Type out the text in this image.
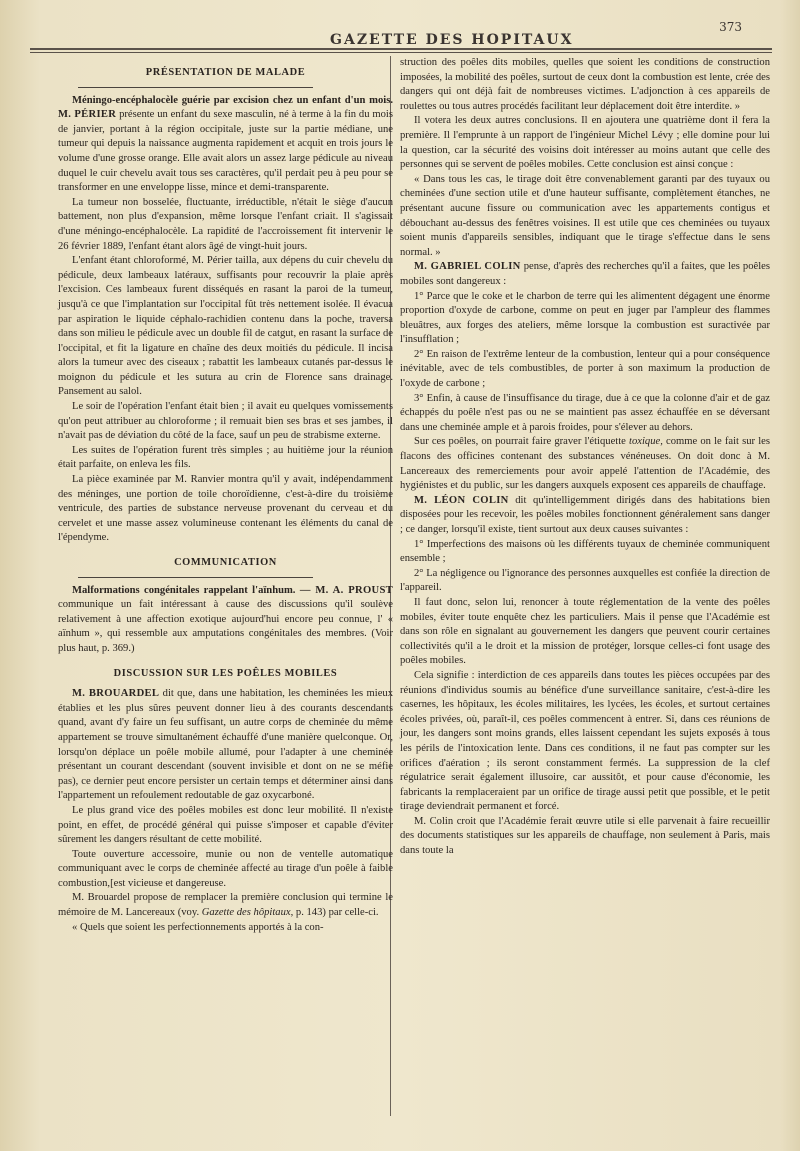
GAZETTE DES HOPITAUX
373
PRÉSENTATION DE MALADE

Méningo-encéphalocèle guérie par excision chez un enfant d'un mois. M. PÉRIER présente un enfant du sexe masculin, né à terme à la fin du mois de janvier, portant à la région occipitale, juste sur la partie médiane, une tumeur qui depuis la naissance augmenta rapidement et acquit en trois jours le volume d'une grosse orange. Elle avait alors un assez large pédicule au niveau duquel le cuir chevelu avait tous ses caractères, qu'il perdait peu à peu pour se transformer en une enveloppe lisse, mince et demi-transparente.

La tumeur non bosselée, fluctuante, irréductible, n'était le siège d'aucun battement, non plus d'expansion, même lorsque l'enfant criait. Il s'agissait d'une méningo-encéphalocèle. La rapidité de l'accroissement fit intervenir le 26 février 1889, l'enfant étant alors âgé de vingt-huit jours.

L'enfant étant chloroformé, M. Périer tailla, aux dépens du cuir chevelu du pédicule, deux lambeaux latéraux, suffisants pour recouvrir la plaie après l'excision. Ces lambeaux furent disséqués en rasant la paroi de la tumeur, jusqu'à ce que l'implantation sur l'occipital fût très nettement isolée. Il évacua par aspiration le liquide céphalo-rachidien contenu dans la poche, traversa dans son milieu le pédicule avec un double fil de catgut, en rasant la surface de l'occipital, et fit la ligature en chaîne des deux moitiés du pédicule. Il incisa alors la tumeur avec des ciseaux ; rabattit les lambeaux cutanés par-dessus le moignon du pédicule et les sutura au crin de Florence sans drainage. Pansement au salol.

Le soir de l'opération l'enfant était bien ; il avait eu quelques vomissements qu'on peut attribuer au chloroforme ; il remuait bien ses bras et ses jambes, il n'avait pas de déviation du côté de la face, sauf un peu de strabisme externe.

Les suites de l'opération furent très simples ; au huitième jour la réunion était parfaite, on enleva les fils.

La pièce examinée par M. Ranvier montra qu'il y avait, indépendamment des méninges, une portion de toile choroïdienne, c'est-à-dire du troisième ventricule, des parties de substance nerveuse provenant du cerveau et du cervelet et une masse assez volumineuse contenant les éléments du canal de l'épendyme.

COMMUNICATION

Malformations congénitales rappelant l'aïnhum. — M. A. PROUST communique un fait intéressant à cause des discussions qu'il soulève relativement à une affection exotique aujourd'hui encore peu connue, l' « aïnhum », qui ressemble aux amputations congénitales des membres. (Voir plus haut, p. 369.)

DISCUSSION SUR LES POÊLES MOBILES

M. BROUARDEL dit que, dans une habitation, les cheminées les mieux établies et les plus sûres peuvent donner lieu à des courants descendants quand, avant d'y faire un feu suffisant, un autre corps de cheminée du même appartement se trouve simultanément échauffé d'une manière quelconque. Or, lorsqu'on déplace un poêle mobile allumé, pour l'adapter à une cheminée présentant un courant descendant (souvent invisible et dont on ne se méfie pas), ce dernier peut encore persister un certain temps et déterminer ainsi dans l'appartement un refoulement redoutable de gaz oxycarboné.

Le plus grand vice des poêles mobiles est donc leur mobilité. Il n'existe point, en effet, de procédé général qui puisse s'imposer et capable d'éviter sûrement les dangers résultant de cette mobilité.

Toute ouverture accessoire, munie ou non de ventelle automatique communiquant avec le corps de cheminée affecté au tirage d'un poêle à faible combustion,[est vicieuse et dangereuse.

M. Brouardel propose de remplacer la première conclusion qui termine le mémoire de M. Lancereaux (voy. Gazette des hôpitaux, p. 143) par celle-ci.

« Quels que soient les perfectionnements apportés à la con-

struction des poêles dits mobiles, quelles que soient les conditions de construction imposées, la mobilité des poêles, surtout de ceux dont la combustion est lente, crée des dangers qui ont déjà fait de nombreuses victimes. L'adjonction à ces appareils de roulettes ou tous autres procédés facilitant leur déplacement doit être interdite. »

Il votera les deux autres conclusions. Il en ajoutera une quatrième dont il fera la première. Il l'emprunte à un rapport de l'ingénieur Michel Lévy ; elle domine pour lui la question, car la sécurité des voisins doit intéresser au moins autant que celle des personnes qui se servent de poêles mobiles. Cette conclusion est ainsi conçue :

« Dans tous les cas, le tirage doit être convenablement garanti par des tuyaux ou cheminées d'une section utile et d'une hauteur suffisante, complètement étanches, ne présentant aucune fissure ou communication avec les appartements contigus et débouchant au-dessus des fenêtres voisines. Il est utile que ces cheminées ou tuyaux soient munis d'appareils sensibles, indiquant que le tirage s'effectue dans le sens normal. »

M. GABRIEL COLIN pense, d'après des recherches qu'il a faites, que les poêles mobiles sont dangereux :

1° Parce que le coke et le charbon de terre qui les alimentent dégagent une énorme proportion d'oxyde de carbone, comme on peut en juger par l'ampleur des flammes bleuâtres, aux forges des ateliers, même lorsque la combustion est suractivée par l'insufflation ;

2° En raison de l'extrême lenteur de la combustion, lenteur qui a pour conséquence inévitable, avec de tels combustibles, de porter à son maximum la production de l'oxyde de carbone ;

3° Enfin, à cause de l'insuffisance du tirage, due à ce que la colonne d'air et de gaz échappés du poêle n'est pas ou ne se maintient pas assez échauffée en se déversant dans une cheminée ample et à parois froides, pour s'élever au dehors.

Sur ces poêles, on pourrait faire graver l'étiquette toxique, comme on le fait sur les flacons des officines contenant des substances vénéneuses. On doit donc à M. Lancereaux des remerciements pour avoir appelé l'attention de l'Académie, des hygiénistes et du public, sur les dangers auxquels exposent ces appareils de chauffage.

M. LÉON COLIN dit qu'intelligemment dirigés dans des habitations bien disposées pour les recevoir, les poêles mobiles fonctionnent généralement sans danger ; ce danger, lorsqu'il existe, tient surtout aux deux causes suivantes :

1° Imperfections des maisons où les différents tuyaux de cheminée communiquent ensemble ;

2° La négligence ou l'ignorance des personnes auxquelles est confiée la direction de l'appareil.

Il faut donc, selon lui, renoncer à toute réglementation de la vente des poêles mobiles, éviter toute enquête chez les particuliers. Mais il pense que l'Académie est dans son rôle en signalant au gouvernement les dangers que peuvent courir certaines collectivités qu'il a le droit et la mission de protéger, lorsque celles-ci font usage des poêles mobiles.

Cela signifie : interdiction de ces appareils dans toutes les pièces occupées par des réunions d'individus soumis au bénéfice d'une surveillance sanitaire, c'est-à-dire les casernes, les hôpitaux, les écoles militaires, les lycées, les écoles, et surtout certaines écoles privées, où, paraît-il, ces poêles commencent à entrer. Si, dans ces réunions de jour, les dangers sont moins grands, elles laissent cependant les sujets exposés à tous les périls de l'intoxication lente. Dans ces conditions, il ne faut pas compter sur les orifices d'aération ; ils seront constamment fermés. La suppression de la clef régulatrice serait également illusoire, car aussitôt, et pour cause d'économie, les fabricants la remplaceraient par un orifice de tirage aussi petit que possible, et le petit tirage deviendrait permanent et forcé.

M. Colin croit que l'Académie ferait œuvre utile si elle parvenait à faire recueillir des documents statistiques sur les appareils de chauffage, non seulement à Paris, mais dans toute la
